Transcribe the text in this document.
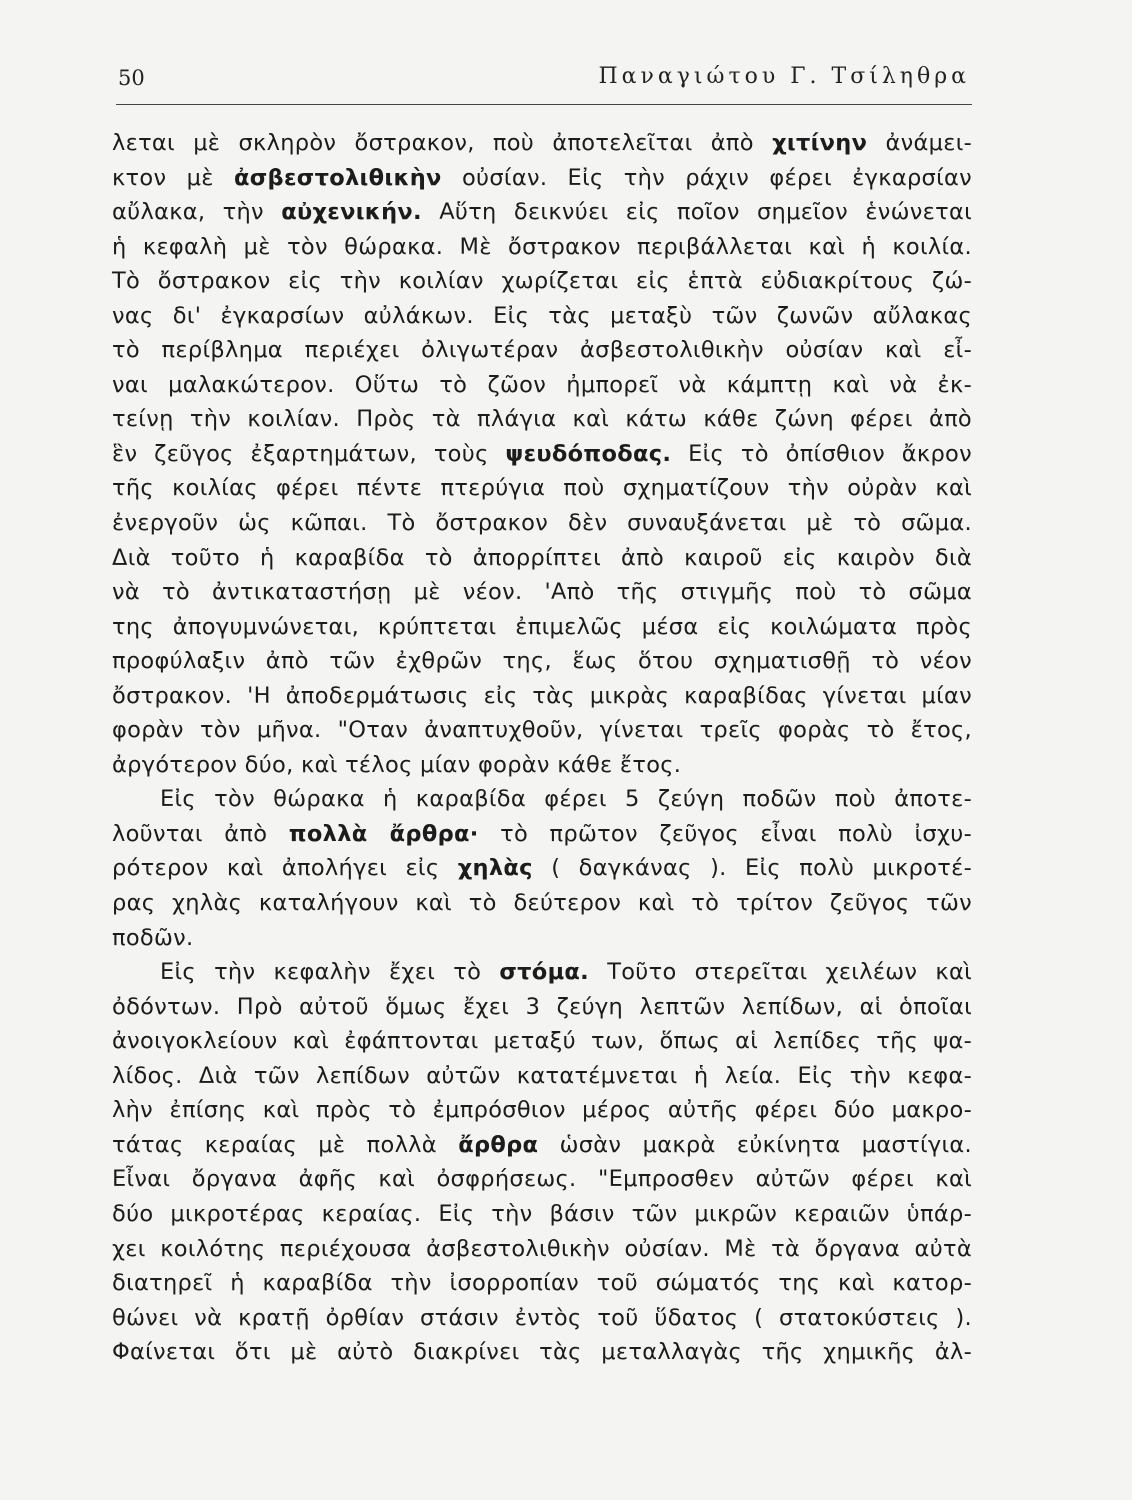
50	Παναγιώτου Γ. Τσίληθρα
λεται μὲ σκληρὸν ὄστρακον, ποὺ ἀποτελεῖται ἀπὸ χιτίνην ἀνάμει-
κτον μὲ ἀσβεστολιθικὴν οὐσίαν. Εἰς τὴν ράχιν φέρει ἐγκαρσίαν
αὔλακα, τὴν αὐχενικήν. Αὕτη δεικνύει εἰς ποῖον σημεῖον ἑνώνεται
ἡ κεφαλὴ μὲ τὸν θώρακα. Μὲ ὄστρακον περιβάλλεται καὶ ἡ κοιλία.
Τὸ ὄστρακον εἰς τὴν κοιλίαν χωρίζεται εἰς ἑπτὰ εὐδιακρίτους ζώ-
νας δι' ἐγκαρσίων αὐλάκων. Εἰς τὰς μεταξὺ τῶν ζωνῶν αὔλακας
τὸ περίβλημα περιέχει ὀλιγωτέραν ἀσβεστολιθικὴν οὐσίαν καὶ εἶ-
ναι μαλακώτερον. Οὕτω τὸ ζῶον ἠμπορεῖ νὰ κάμπτῃ καὶ νὰ ἐκ-
τείνῃ τὴν κοιλίαν. Πρὸς τὰ πλάγια καὶ κάτω κάθε ζώνη φέρει ἀπὸ
ἓν ζεῦγος ἐξαρτημάτων, τοὺς ψευδόποδας. Εἰς τὸ ὀπίσθιον ἄκρον
τῆς κοιλίας φέρει πέντε πτερύγια ποὺ σχηματίζουν τὴν οὐρὰν καὶ
ἐνεργοῦν ὡς κῶπαι. Τὸ ὄστρακον δὲν συναυξάνεται μὲ τὸ σῶμα.
Διὰ τοῦτο ἡ καραβίδα τὸ ἀπορρίπτει ἀπὸ καιροῦ εἰς καιρὸν διὰ
νὰ τὸ ἀντικαταστήσῃ μὲ νέον. 'Απὸ τῆς στιγμῆς ποὺ τὸ σῶμα
της ἀπογυμνώνεται, κρύπτεται ἐπιμελῶς μέσα εἰς κοιλώματα πρὸς
προφύλαξιν ἀπὸ τῶν ἐχθρῶν της, ἕως ὅτου σχηματισθῇ τὸ νέον
ὄστρακον. 'Η ἀποδερμάτωσις εἰς τὰς μικρὰς καραβίδας γίνεται μίαν
φορὰν τὸν μῆνα. "Οταν ἀναπτυχθοῦν, γίνεται τρεῖς φορὰς τὸ ἔτος,
ἀργότερον δύο, καὶ τέλος μίαν φορὰν κάθε ἔτος.
Εἰς τὸν θώρακα ἡ καραβίδα φέρει 5 ζεύγη ποδῶν ποὺ ἀποτε-
λοῦνται ἀπὸ πολλὰ ἄρθρα· τὸ πρῶτον ζεῦγος εἶναι πολὺ ἰσχυ-
ρότερον καὶ ἀπολήγει εἰς χηλὰς ( δαγκάνας ). Εἰς πολὺ μικροτέ-
ρας χηλὰς καταλήγουν καὶ τὸ δεύτερον καὶ τὸ τρίτον ζεῦγος τῶν
ποδῶν.
Εἰς τὴν κεφαλὴν ἔχει τὸ στόμα. Τοῦτο στερεῖται χειλέων καὶ
ὀδόντων. Πρὸ αὐτοῦ ὅμως ἔχει 3 ζεύγη λεπτῶν λεπίδων, αἱ ὁποῖαι
ἀνοιγοκλείουν καὶ ἐφάπτονται μεταξύ των, ὅπως αἱ λεπίδες τῆς ψα-
λίδος. Διὰ τῶν λεπίδων αὐτῶν κατατέμνεται ἡ λεία. Εἰς τὴν κεφα-
λὴν ἐπίσης καὶ πρὸς τὸ ἐμπρόσθιον μέρος αὐτῆς φέρει δύο μακρο-
τάτας κεραίας μὲ πολλὰ ἄρθρα ὡσὰν μακρὰ εὐκίνητα μαστίγια.
Εἶναι ὄργανα ἀφῆς καὶ ὀσφρήσεως. "Εμπροσθεν αὐτῶν φέρει καὶ
δύο μικροτέρας κεραίας. Εἰς τὴν βάσιν τῶν μικρῶν κεραιῶν ὑπάρ-
χει κοιλότης περιέχουσα ἀσβεστολιθικὴν οὐσίαν. Μὲ τὰ ὄργανα αὐτὰ
διατηρεῖ ἡ καραβίδα τὴν ἰσορροπίαν τοῦ σώματός της καὶ κατορ-
θώνει νὰ κρατῇ ὀρθίαν στάσιν ἐντὸς τοῦ ὕδατος ( στατοκύστεις ).
Φαίνεται ὅτι μὲ αὐτὸ διακρίνει τὰς μεταλλαγὰς τῆς χημικῆς ἀλ-
